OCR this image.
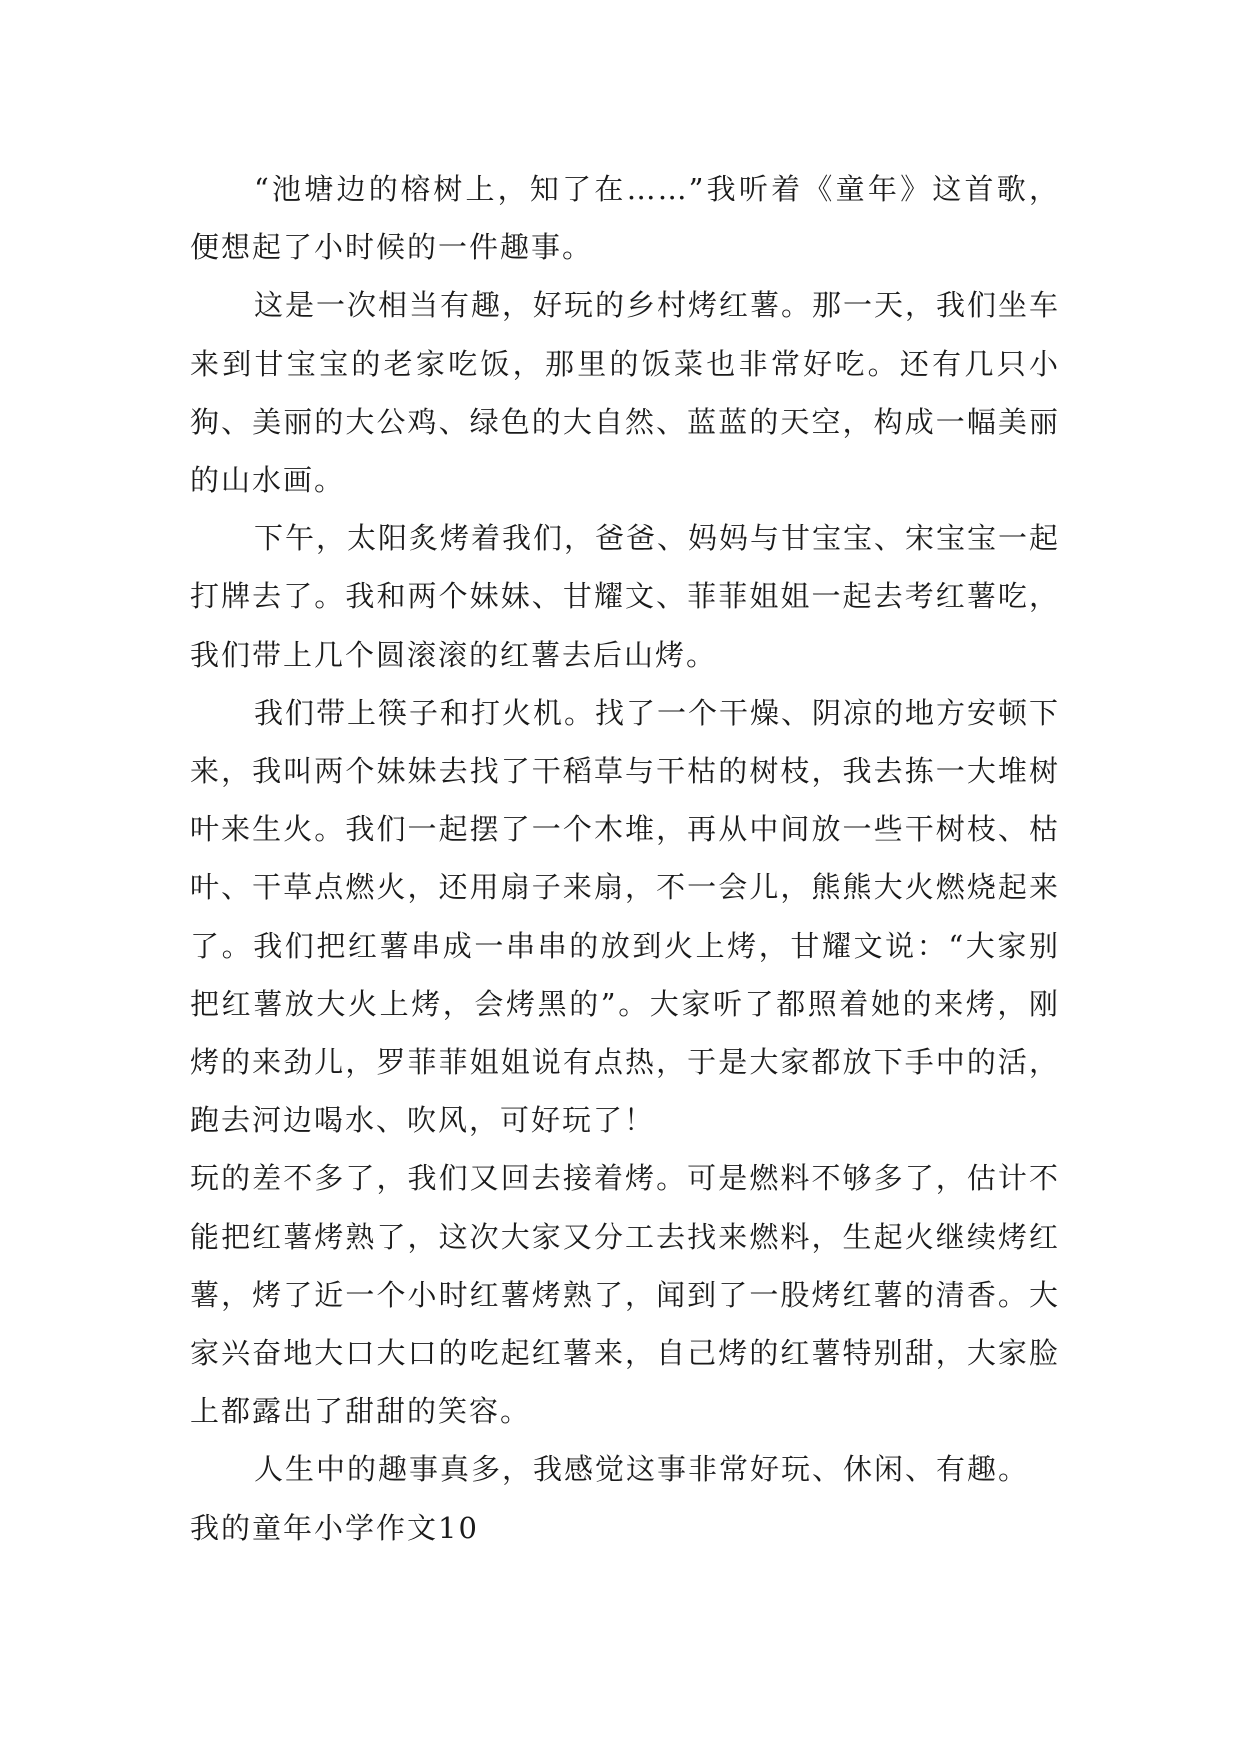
“池塘边的榕树上，知了在……”我听着《童年》这首歌，便想起了小时候的一件趣事。

这是一次相当有趣，好玩的乡村烤红薯。那一天，我们坐车来到甘宝宝的老家吃饭，那里的饭菜也非常好吃。还有几只小狗、美丽的大公鸡、绿色的大自然、蓝蓝的天空，构成一幅美丽的山水画。

下午，太阳炙烤着我们，爸爸、妈妈与甘宝宝、宋宝宝一起打牌去了。我和两个妹妹、甘耀文、菲菲姐姐一起去考红薯吃，我们带上几个圆滚滚的红薯去后山烤。

我们带上筷子和打火机。找了一个干燥、阴凉的地方安顿下来，我叫两个妹妹去找了干稻草与干枯的树枝，我去拣一大堆树叶来生火。我们一起摆了一个木堆，再从中间放一些干树枝、枯叶、干草点燃火，还用扇子来扇，不一会儿，熊熊大火燃烧起来了。我们把红薯串成一串串的放到火上烤，甘耀文说：“大家别把红薯放大火上烤，会烤黑的”。大家听了都照着她的来烤，刚烤的来劲儿，罗菲菲姐姐说有点热，于是大家都放下手中的活，跑去河边喝水、吹风，可好玩了！

玩的差不多了，我们又回去接着烤。可是燃料不够多了，估计不能把红薯烤熟了，这次大家又分工去找来燃料，生起火继续烤红薯，烤了近一个小时红薯烤熟了，闻到了一股烤红薯的清香。大家兴奋地大口大口的吃起红薯来，自己烤的红薯特别甜，大家脸上都露出了甜甜的笑容。

人生中的趣事真多，我感觉这事非常好玩、休闲、有趣。

我的童年小学作文10
